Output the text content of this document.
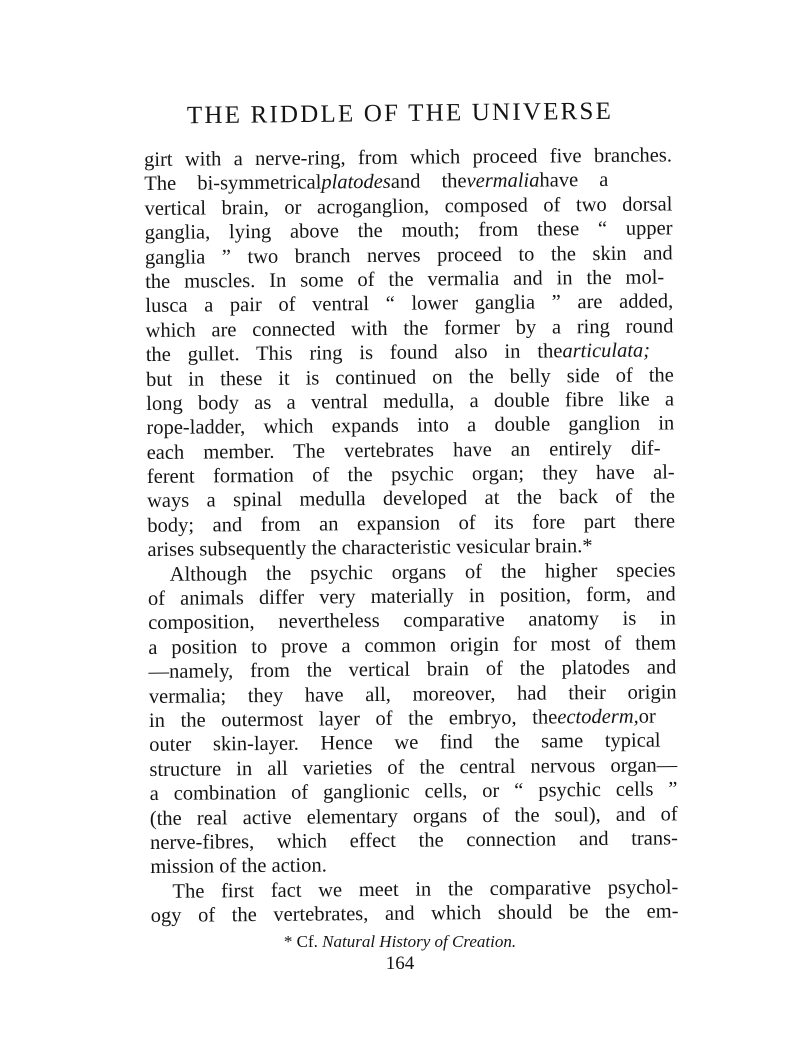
THE RIDDLE OF THE UNIVERSE
girt with a nerve-ring, from which proceed five branches.
The bi-symmetricalplatodesand thevermaliahave a
vertical brain, or acroganglion, composed of two dorsal
ganglia, lying above the mouth; from these “ upper
ganglia ” two branch nerves proceed to the skin and
the muscles. In some of the vermalia and in the mol-
lusca a pair of ventral “ lower ganglia ” are added,
which are connected with the former by a ring round
the gullet. This ring is found also in thearticulata;
but in these it is continued on the belly side of the
long body as a ventral medulla, a double fibre like a
rope-ladder, which expands into a double ganglion in
each member. The vertebrates have an entirely dif-
ferent formation of the psychic organ; they have al-
ways a spinal medulla developed at the back of the
body; and from an expansion of its fore part there
arises subsequently the characteristic vesicular brain.*
Although the psychic organs of the higher species
of animals differ very materially in position, form, and
composition, nevertheless comparative anatomy is in
a position to prove a common origin for most of them
—namely, from the vertical brain of the platodes and
vermalia; they have all, moreover, had their origin
in the outermost layer of the embryo, theectoderm,or
outer skin-layer. Hence we find the same typical
structure in all varieties of the central nervous organ—
a combination of ganglionic cells, or “ psychic cells ”
(the real active elementary organs of the soul), and of
nerve-fibres, which effect the connection and trans-
mission of the action.
The first fact we meet in the comparative psychol-
ogy of the vertebrates, and which should be the em-
* Cf. Natural History of Creation.
164
